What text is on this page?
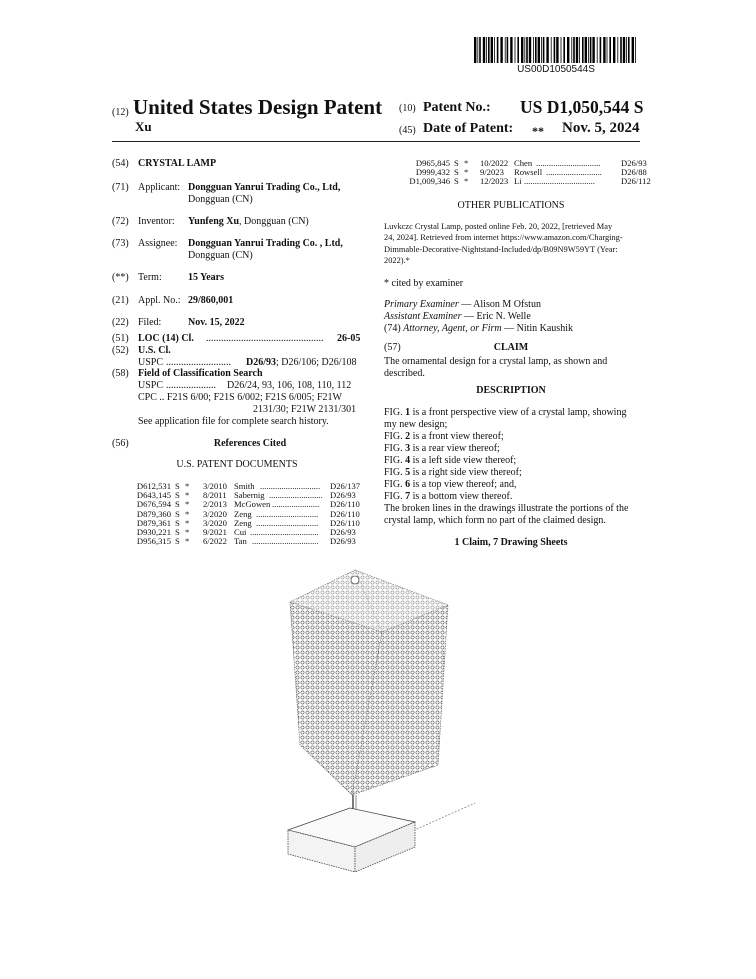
US00D1050544S
(12) United States Design Patent
Xu
(10) Patent No.: US D1,050,544 S
(45) Date of Patent: ** Nov. 5, 2024
(54) CRYSTAL LAMP
(71) Applicant: Dongguan Yanrui Trading Co., Ltd,
Dongguan (CN)
(72) Inventor: Yunfeng Xu, Dongguan (CN)
(73) Assignee: Dongguan Yanrui Trading Co. , Ltd,
Dongguan (CN)
(**) Term:	15 Years
(21) Appl. No.: 29/860,001
(22) Filed:	Nov. 15, 2022
(51) LOC (14) Cl. ...............................................	26-05
(52) U.S. Cl.
USPC ..........................	D26/93; D26/106; D26/108
(58) Field of Classification Search
USPC ....................	D26/24, 93, 106, 108, 110, 112
CPC .. F21S 6/00; F21S 6/002; F21S 6/005; F21W
2131/30; F21W 2131/301
See application file for complete search history.
(56)	References Cited
U.S. PATENT DOCUMENTS
D612,531 S * 3/2010 Smith ............................	D26/137
D643,145 S * 8/2011 Sabernig ......................... D26/93
D676,594 S * 2/2013 McGowen ......................	D26/110
D879,360 S * 3/2020 Zeng .............................	D26/110
D879,361 S * 3/2020 Zeng .............................	D26/110
D930,221 S * 9/2021 Cui ................................	D26/93
D956,315 S * 6/2022 Tan ...............................	D26/93
D965,845 S * 10/2022 Chen ..............................	D26/93
D999,432 S * 9/2023 Rowsell ..........................	D26/88
D1,009,346 S * 12/2023 Li .................................	D26/112
OTHER PUBLICATIONS
Luvkczc Crystal Lamp, posted online Feb. 20, 2022, [retrieved May
24, 2024]. Retrieved from internet https://www.amazon.com/Charging-
Dimmable-Decorative-Nightstand-Included/dp/B09N9W59YT (Year:
2022).*
* cited by examiner
Primary Examiner — Alison M Ofstun
Assistant Examiner — Eric N. Welle
(74) Attorney, Agent, or Firm — Nitin Kaushik
(57)	CLAIM
The ornamental design for a crystal lamp, as shown and
described.
DESCRIPTION
FIG. 1 is a front perspective view of a crystal lamp, showing
my new design;
FIG. 2 is a front view thereof;
FIG. 3 is a rear view thereof;
FIG. 4 is a left side view thereof;
FIG. 5 is a right side view thereof;
FIG. 6 is a top view thereof; and,
FIG. 7 is a bottom view thereof.
The broken lines in the drawings illustrate the portions of the
crystal lamp, which form no part of the claimed design.
1 Claim, 7 Drawing Sheets
